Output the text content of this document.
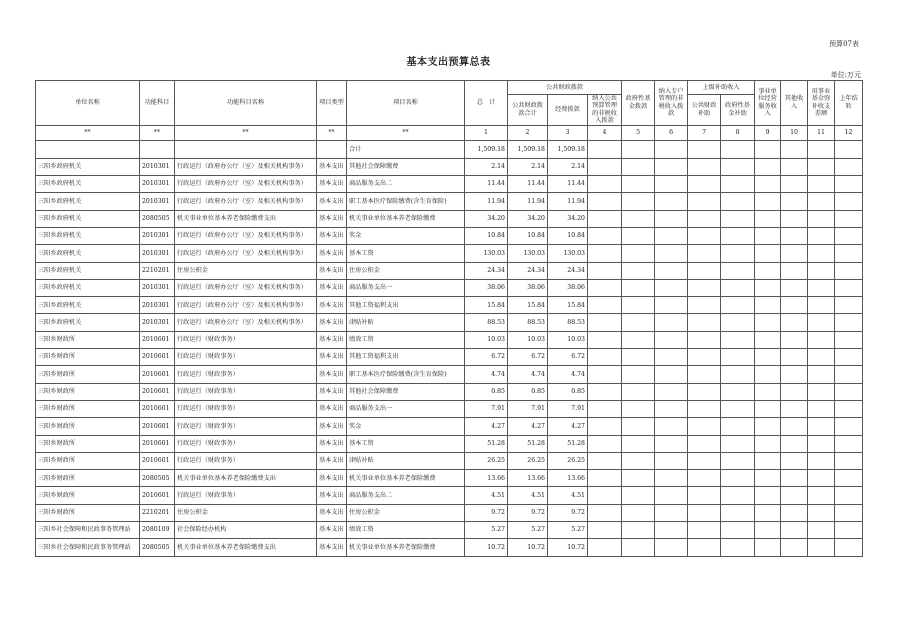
预算07表
基本支出预算总表
单位:万元
单位名称	功能科目	功能科目名称	项目类型	项目名称	总　计	公共财政拨款			政府性基金拨款	纳入专户管理的非税收入拨款	上级补助收入		事业单位经营服务收入	其他收入	用事业基金弥补收支差额	上年结转
						公共财政拨款合计	经费拨款	纳入公共预算管理的非税收入拨款								
											公共财政补助	政府性基金补助				
**	**	**	**	**	1	2	3	4	5	6	7	8	9	10	11	12
				合计	1,509.18	1,509.18	1,509.18									
三阳乡政府机关	2010301	行政运行（政府办公厅（室）及相关机构事务）	基本支出	其他社会保障缴费	2.14	2.14	2.14									
三阳乡政府机关	2010301	行政运行（政府办公厅（室）及相关机构事务）	基本支出	商品服务支出二	11.44	11.44	11.44									
三阳乡政府机关	2010301	行政运行（政府办公厅（室）及相关机构事务）	基本支出	职工基本医疗保险缴费(含生育保险)	11.94	11.94	11.94									
三阳乡政府机关	2080505	机关事业单位基本养老保险缴费支出	基本支出	机关事业单位基本养老保险缴费	34.20	34.20	34.20									
三阳乡政府机关	2010301	行政运行（政府办公厅（室）及相关机构事务）	基本支出	奖金	10.84	10.84	10.84									
三阳乡政府机关	2010301	行政运行（政府办公厅（室）及相关机构事务）	基本支出	基本工资	130.03	130.03	130.03									
三阳乡政府机关	2210201	住房公积金	基本支出	住房公积金	24.34	24.34	24.34									
三阳乡政府机关	2010301	行政运行（政府办公厅（室）及相关机构事务）	基本支出	商品服务支出一	38.06	38.06	38.06									
三阳乡政府机关	2010301	行政运行（政府办公厅（室）及相关机构事务）	基本支出	其他工资福利支出	15.84	15.84	15.84									
三阳乡政府机关	2010301	行政运行（政府办公厅（室）及相关机构事务）	基本支出	津贴补贴	88.53	88.53	88.53									
三阳乡财政所	2010601	行政运行（财政事务）	基本支出	绩效工资	10.03	10.03	10.03									
三阳乡财政所	2010601	行政运行（财政事务）	基本支出	其他工资福利支出	6.72	6.72	6.72									
三阳乡财政所	2010601	行政运行（财政事务）	基本支出	职工基本医疗保险缴费(含生育保险)	4.74	4.74	4.74									
三阳乡财政所	2010601	行政运行（财政事务）	基本支出	其他社会保障缴费	0.85	0.85	0.85									
三阳乡财政所	2010601	行政运行（财政事务）	基本支出	商品服务支出一	7.91	7.91	7.91									
三阳乡财政所	2010601	行政运行（财政事务）	基本支出	奖金	4.27	4.27	4.27									
三阳乡财政所	2010601	行政运行（财政事务）	基本支出	基本工资	51.28	51.28	51.28									
三阳乡财政所	2010601	行政运行（财政事务）	基本支出	津贴补贴	26.25	26.25	26.25									
三阳乡财政所	2080505	机关事业单位基本养老保险缴费支出	基本支出	机关事业单位基本养老保险缴费	13.66	13.66	13.66									
三阳乡财政所	2010601	行政运行（财政事务）	基本支出	商品服务支出二	4.51	4.51	4.51									
三阳乡财政所	2210201	住房公积金	基本支出	住房公积金	9.72	9.72	9.72									
三阳乡社会保障和民政事务管理站	2080109	社会保险经办机构	基本支出	绩效工资	5.27	5.27	5.27									
三阳乡社会保障和民政事务管理站	2080505	机关事业单位基本养老保险缴费支出	基本支出	机关事业单位基本养老保险缴费	10.72	10.72	10.72									
